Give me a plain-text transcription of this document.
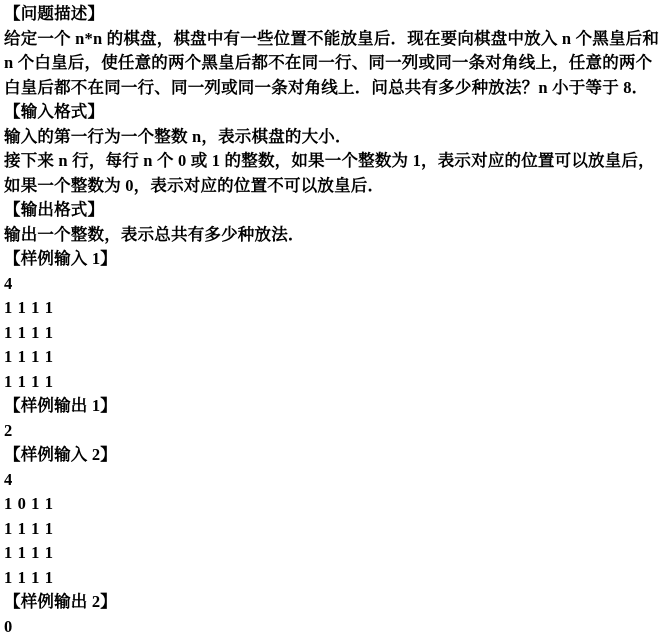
【问题描述】
给定一个 n*n 的棋盘，棋盘中有一些位置不能放皇后．现在要向棋盘中放入 n 个黑皇后和
n 个白皇后，使任意的两个黑皇后都不在同一行、同一列或同一条对角线上，任意的两个
白皇后都不在同一行、同一列或同一条对角线上．问总共有多少种放法？n 小于等于 8．
【输入格式】
输入的第一行为一个整数 n，表示棋盘的大小．
接下来 n 行，每行 n 个 0 或 1 的整数，如果一个整数为 1，表示对应的位置可以放皇后，
如果一个整数为 0，表示对应的位置不可以放皇后．
【输出格式】
输出一个整数，表示总共有多少种放法．
【样例输入 1】
4
1 1 1 1
1 1 1 1
1 1 1 1
1 1 1 1
【样例输出 1】
2
【样例输入 2】
4
1 0 1 1
1 1 1 1
1 1 1 1
1 1 1 1
【样例输出 2】
0
